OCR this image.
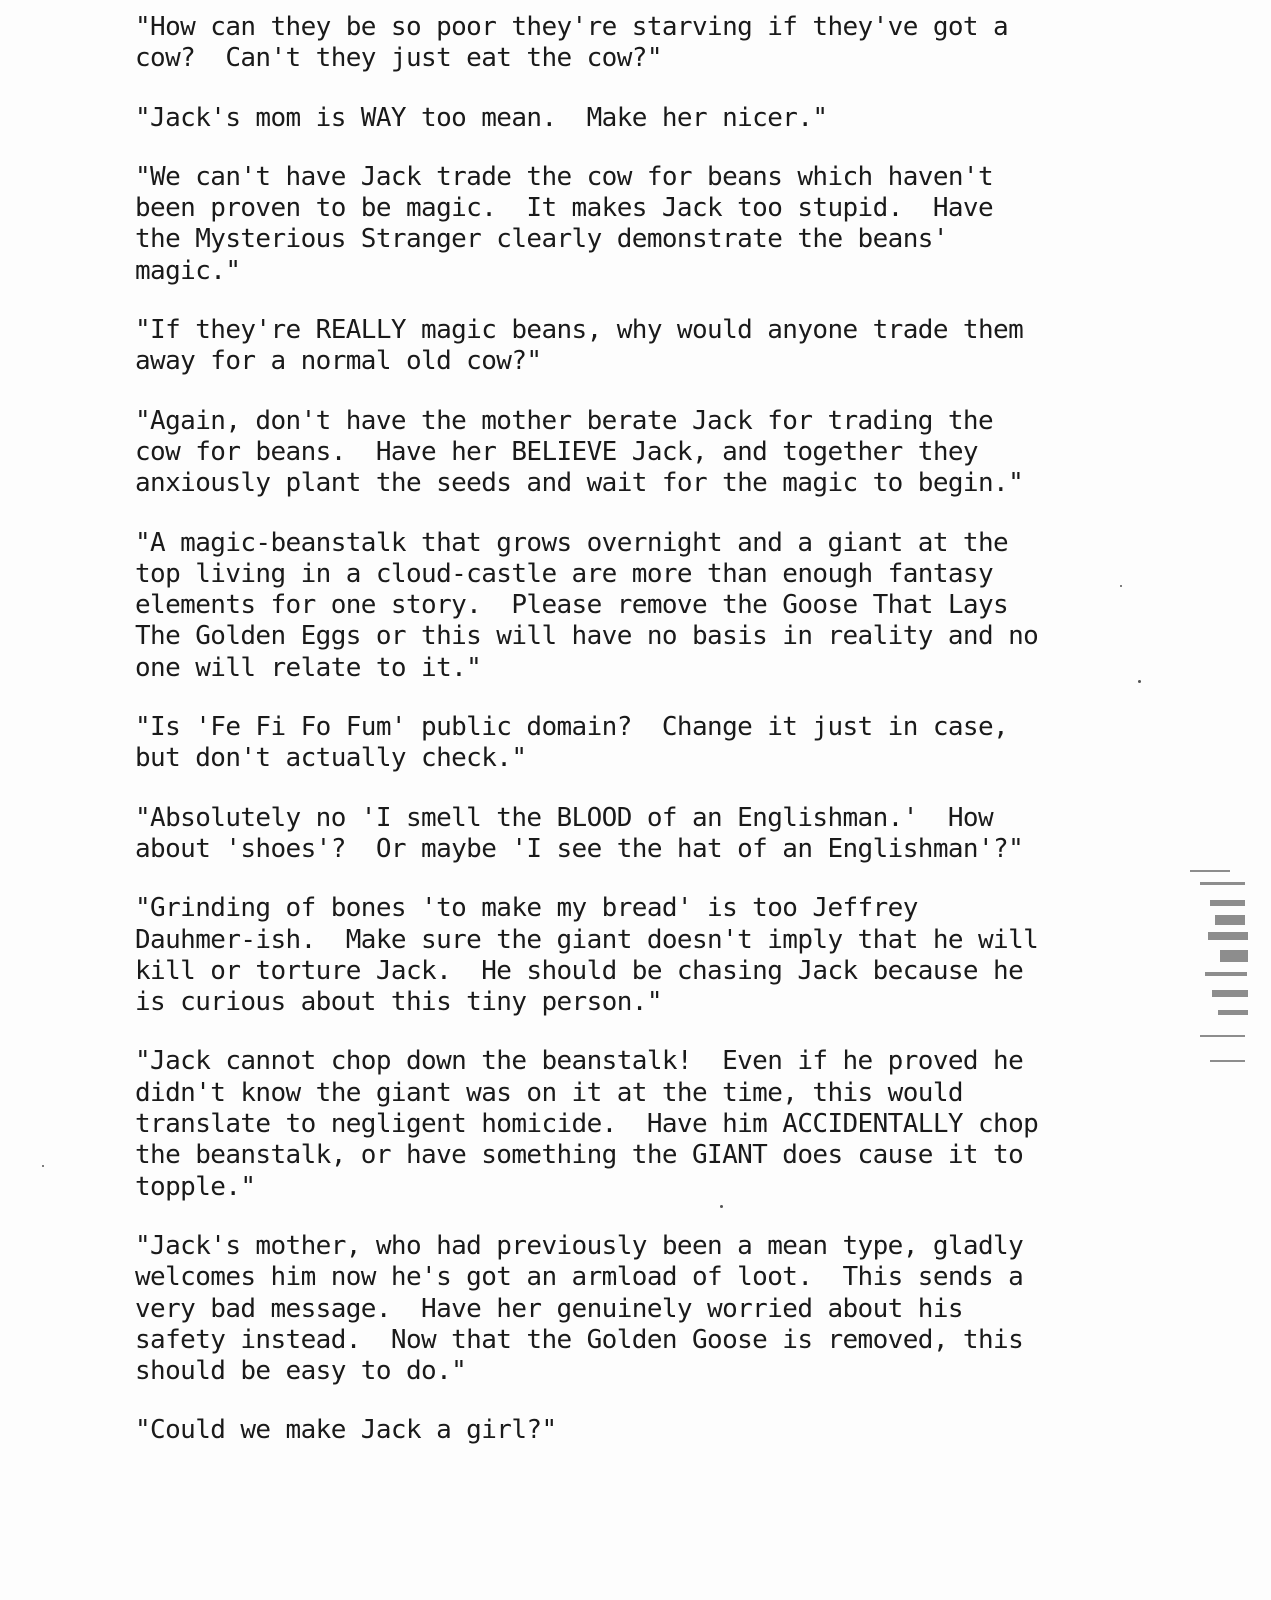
"How can they be so poor they're starving if they've got a
cow?  Can't they just eat the cow?"

"Jack's mom is WAY too mean.  Make her nicer."

"We can't have Jack trade the cow for beans which haven't
been proven to be magic.  It makes Jack too stupid.  Have
the Mysterious Stranger clearly demonstrate the beans'
magic."

"If they're REALLY magic beans, why would anyone trade them
away for a normal old cow?"

"Again, don't have the mother berate Jack for trading the
cow for beans.  Have her BELIEVE Jack, and together they
anxiously plant the seeds and wait for the magic to begin."

"A magic-beanstalk that grows overnight and a giant at the
top living in a cloud-castle are more than enough fantasy
elements for one story.  Please remove the Goose That Lays
The Golden Eggs or this will have no basis in reality and no
one will relate to it."

"Is 'Fe Fi Fo Fum' public domain?  Change it just in case,
but don't actually check."

"Absolutely no 'I smell the BLOOD of an Englishman.'  How
about 'shoes'?  Or maybe 'I see the hat of an Englishman'?"

"Grinding of bones 'to make my bread' is too Jeffrey
Dauhmer-ish.  Make sure the giant doesn't imply that he will
kill or torture Jack.  He should be chasing Jack because he
is curious about this tiny person."

"Jack cannot chop down the beanstalk!  Even if he proved he
didn't know the giant was on it at the time, this would
translate to negligent homicide.  Have him ACCIDENTALLY chop
the beanstalk, or have something the GIANT does cause it to
topple."

"Jack's mother, who had previously been a mean type, gladly
welcomes him now he's got an armload of loot.  This sends a
very bad message.  Have her genuinely worried about his
safety instead.  Now that the Golden Goose is removed, this
should be easy to do."

"Could we make Jack a girl?"
